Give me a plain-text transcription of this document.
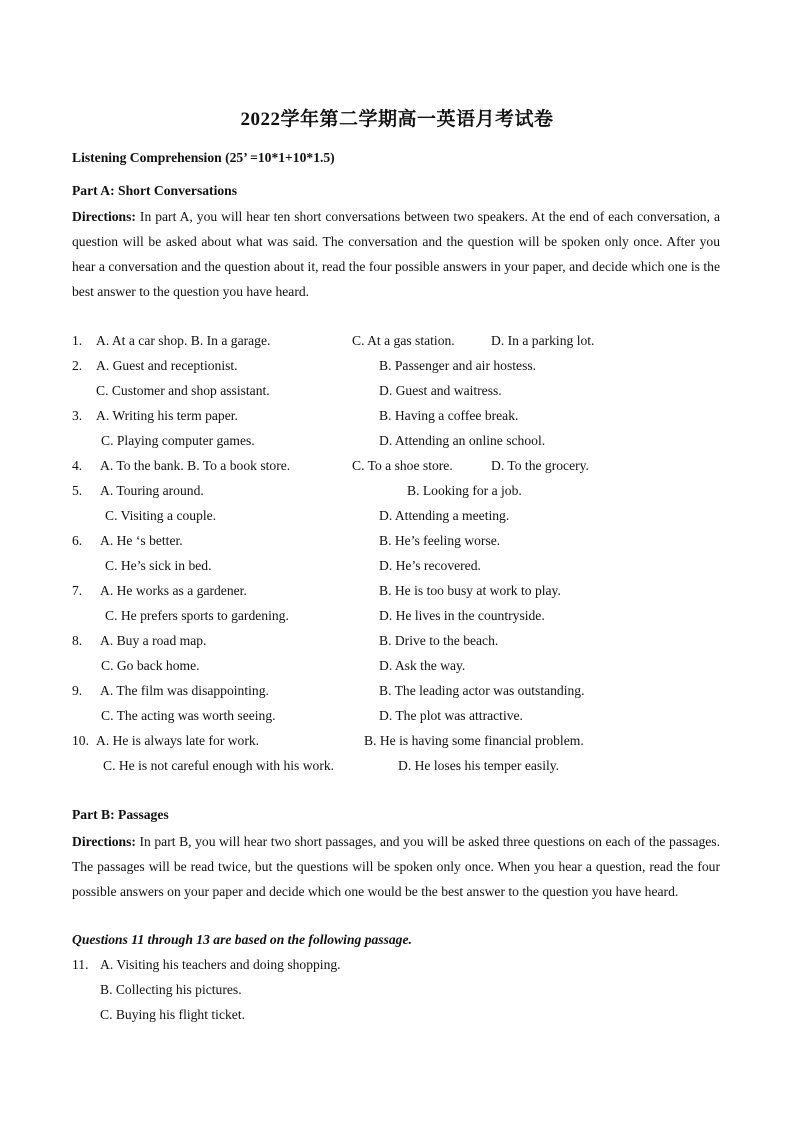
2022学年第二学期高一英语月考试卷
Listening Comprehension (25’ =10*1+10*1.5)
Part A: Short Conversations
Directions: In part A, you will hear ten short conversations between two speakers. At the end of each conversation, a question will be asked about what was said. The conversation and the question will be spoken only once. After you hear a conversation and the question about it, read the four possible answers in your paper, and decide which one is the best answer to the question you have heard.
1. A. At a car shop. B. In a garage.	C. At a gas station.	D. In a parking lot.
2. A. Guest and receptionist.	B. Passenger and air hostess.
C. Customer and shop assistant.	D. Guest and waitress.
3. A. Writing his term paper.	B. Having a coffee break.
C. Playing computer games.	D. Attending an online school.
4. A. To the bank. B. To a book store.	C. To a shoe store.	D. To the grocery.
5. A. Touring around.	B. Looking for a job.
C. Visiting a couple.	D. Attending a meeting.
6. A. He ‘s better.	B. He’s feeling worse.
C. He’s sick in bed.	D. He’s recovered.
7. A. He works as a gardener.	B. He is too busy at work to play.
C. He prefers sports to gardening.	D. He lives in the countryside.
8. A. Buy a road map.	B. Drive to the beach.
C. Go back home.	D. Ask the way.
9. A. The film was disappointing.	B. The leading actor was outstanding.
C. The acting was worth seeing.	D. The plot was attractive.
10. A. He is always late for work.	B. He is having some financial problem.
C. He is not careful enough with his work.	D. He loses his temper easily.
Part B: Passages
Directions: In part B, you will hear two short passages, and you will be asked three questions on each of the passages. The passages will be read twice, but the questions will be spoken only once. When you hear a question, read the four possible answers on your paper and decide which one would be the best answer to the question you have heard.
Questions 11 through 13 are based on the following passage.
11. A. Visiting his teachers and doing shopping.
B. Collecting his pictures.
C. Buying his flight ticket.
